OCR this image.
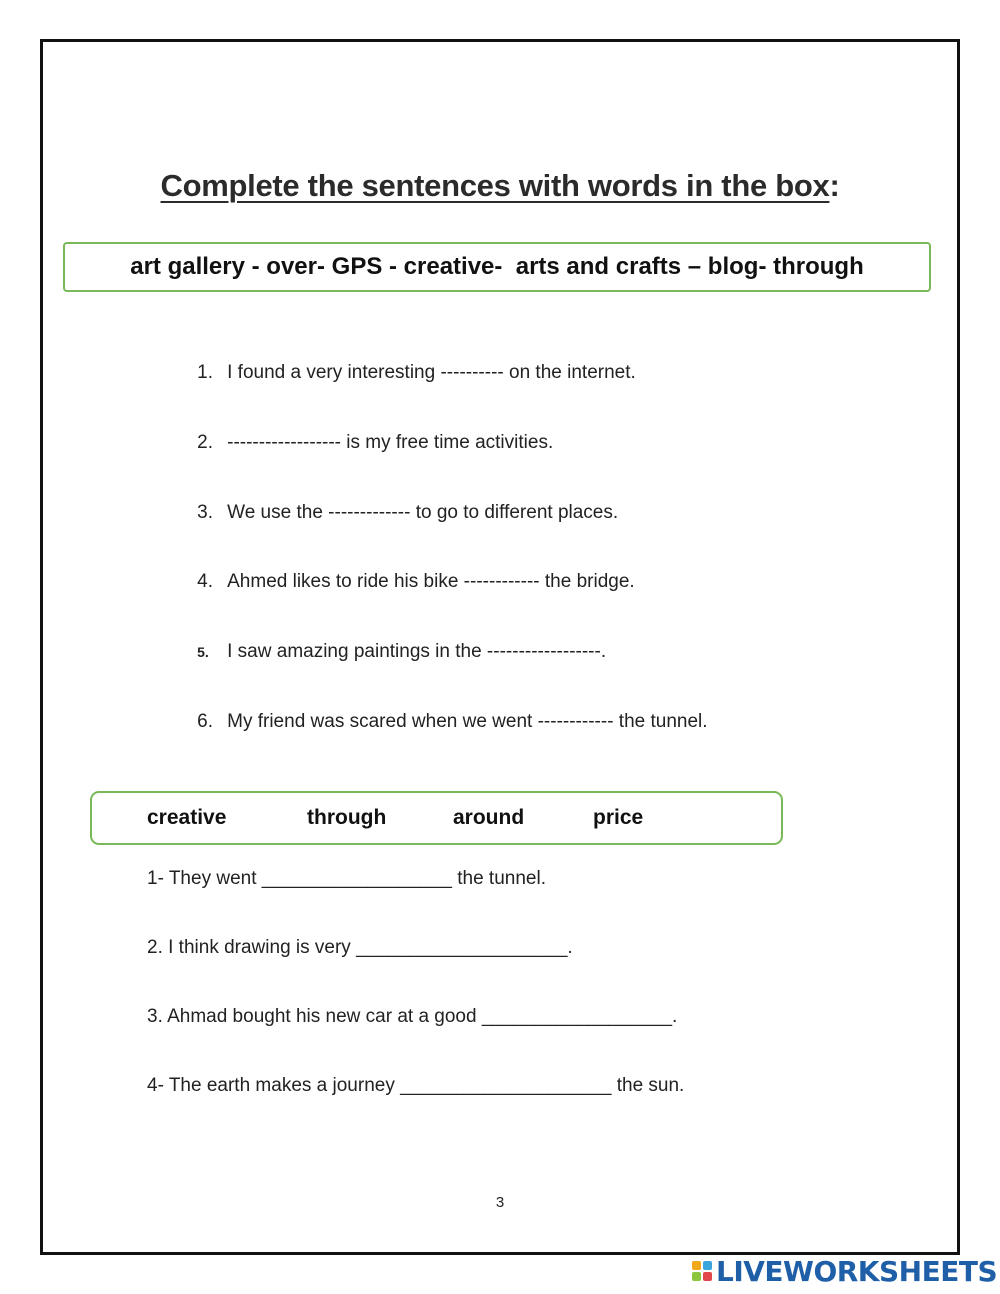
Complete the sentences with words in the box:
art gallery - over- GPS - creative-  arts and crafts – blog- through

1. I found a very interesting ---------- on the internet.

2. ------------------ is my free time activities.

3. We use the ------------- to go to different places.

4. Ahmed likes to ride his bike ------------ the bridge.

5. I saw amazing paintings in the ------------------.

6. My friend was scared when we went ------------ the tunnel.

creative	through	around	price
1- They went __________________ the tunnel.
2. I think drawing is very ____________________.
3. Ahmad bought his new car at a good __________________.
4- The earth makes a journey ____________________ the sun.
3
LIVEWORKSHEETS
